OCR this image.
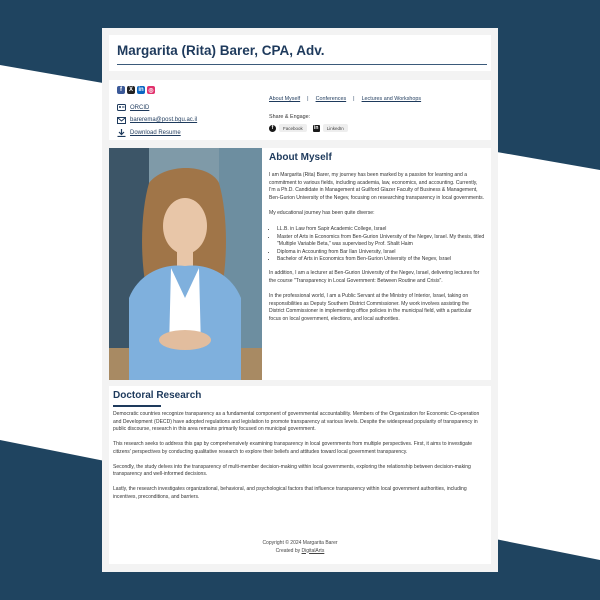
Margarita (Rita) Barer, CPA, Adv.
f	X in ◎
ORCID
barerema@post.bgu.ac.il
Download Resume
About Myself | Conferences | Lectures and Workshops
Share & Engage:
f	Facebook	in	LinkedIn
About Myself

I am Margarita (Rita) Barer, my journey has been marked by a passion for learning and a commitment to various fields, including academia, law, economics, and accounting. Currently, I'm a Ph.D. Candidate in Management at Guilford Glazer Faculty of Business & Management, Ben-Gurion University of the Negev, focusing on researching transparency in local governments.

My educational journey has been quite diverse:

• LL.B. in Law from Sapir Academic College, Israel
• Master of Arts in Economics from Ben-Gurion University of the Negev, Israel. My thesis, titled "Multiple Variable Beta," was supervised by Prof. Shalit Haim
• Diploma in Accounting from Bar Ilan University, Israel
• Bachelor of Arts in Economics from Ben-Gurion University of the Negev, Israel

In addition, I am a lecturer at Ben-Gurion University of the Negev, Israel, delivering lectures for the course "Transparency in Local Government: Between Routine and Crisis".

In the professional world, I am a Public Servant at the Ministry of Interior, Israel, taking on responsibilities as Deputy Southern District Commissioner. My work involves assisting the District Commissioner in implementing office policies in the municipal field, with a particular focus on local government, elections, and local authorities.

Doctoral Research

Democratic countries recognize transparency as a fundamental component of governmental accountability. Members of the Organization for Economic Co-operation and Development (OECD) have adopted regulations and legislation to promote transparency at various levels. Despite the widespread popularity of transparency in public discourse, research in this area remains primarily focused on municipal government.

This research seeks to address this gap by comprehensively examining transparency in local governments from multiple perspectives. First, it aims to investigate citizens' perspectives by conducting qualitative research to explore their beliefs and attitudes toward local government transparency.

Secondly, the study delves into the transparency of multi-member decision-making within local governments, exploring the relationship between decision-making transparency and well-informed decisions.

Lastly, the research investigates organizational, behavioral, and psychological factors that influence transparency within local government authorities, including incentives, preconditions, and barriers.

Copyright © 2024 Margarita Barer
Created by DigitalArts
